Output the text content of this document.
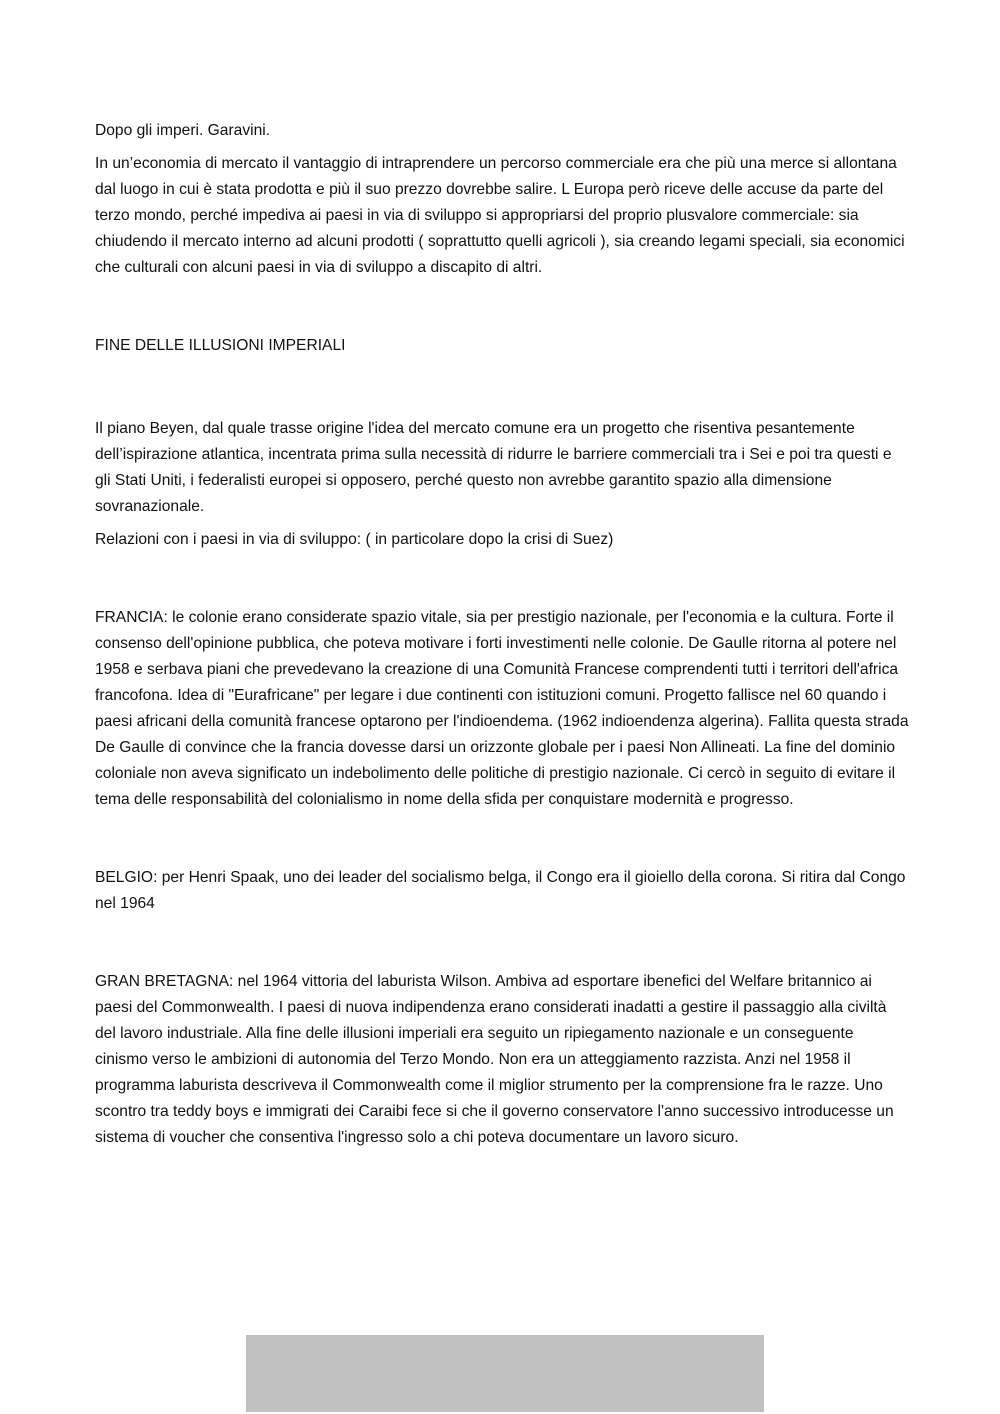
Dopo gli imperi. Garavini.

In un’economia di mercato il vantaggio di intraprendere un percorso commerciale era che più una merce si allontana dal luogo in cui è stata prodotta e più il suo prezzo dovrebbe salire. L Europa però riceve delle accuse da parte del terzo mondo, perché impediva ai paesi in via di sviluppo si appropriarsi del proprio plusvalore commerciale: sia chiudendo il mercato interno ad alcuni prodotti ( soprattutto quelli agricoli ), sia creando legami speciali, sia economici che culturali con alcuni paesi in via di sviluppo a discapito di altri.

FINE DELLE ILLUSIONI IMPERIALI

Il piano Beyen, dal quale trasse origine l'idea del mercato comune era un progetto che risentiva pesantemente dell’ispirazione atlantica, incentrata prima sulla necessità di ridurre le barriere commerciali tra i Sei e poi tra questi e gli Stati Uniti, i federalisti europei si opposero, perché questo non avrebbe garantito spazio alla dimensione sovranazionale.

Relazioni con i paesi in via di sviluppo: ( in particolare dopo la crisi di Suez)

FRANCIA: le colonie erano considerate spazio vitale, sia per prestigio nazionale, per l'economia e la cultura. Forte il consenso dell'opinione pubblica, che poteva motivare i forti investimenti nelle colonie. De Gaulle ritorna al potere nel 1958 e serbava piani che prevedevano la creazione di una Comunità Francese comprendenti tutti i territori dell'africa francofona. Idea di "Eurafricane" per legare i due continenti con istituzioni comuni. Progetto fallisce nel 60 quando i paesi africani della comunità francese optarono per l'indioendema. (1962 indioendenza algerina). Fallita questa strada De Gaulle di convince che la francia dovesse darsi un orizzonte globale per i paesi Non Allineati. La fine del dominio coloniale non aveva significato un indebolimento delle politiche di prestigio nazionale. Ci cercò in seguito di evitare il tema delle responsabilità del colonialismo in nome della sfida per conquistare modernità e progresso.

BELGIO: per Henri Spaak, uno dei leader del socialismo belga, il Congo era il gioiello della corona. Si ritira dal Congo nel 1964

GRAN BRETAGNA: nel 1964 vittoria del laburista Wilson. Ambiva ad esportare ibenefici del Welfare britannico ai paesi del Commonwealth. I paesi di nuova indipendenza erano considerati inadatti a gestire il passaggio alla civiltà del lavoro industriale. Alla fine delle illusioni imperiali era seguito un ripiegamento nazionale e un conseguente cinismo verso le ambizioni di autonomia del Terzo Mondo. Non era un atteggiamento razzista. Anzi nel 1958 il programma laburista descriveva il Commonwealth come il miglior strumento per la comprensione fra le razze. Uno scontro tra teddy boys e immigrati dei Caraibi fece si che il governo conservatore l'anno successivo introducesse un sistema di voucher che consentiva l'ingresso solo a chi poteva documentare un lavoro sicuro.
